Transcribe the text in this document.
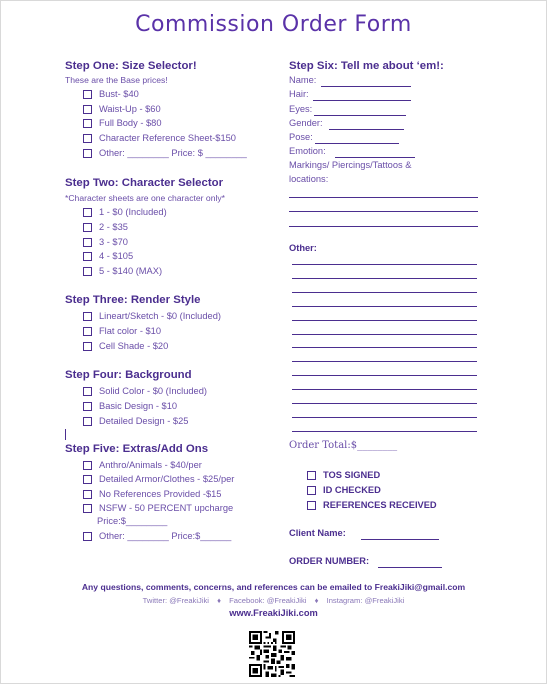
Commission Order Form
Step One: Size Selector!
These are the Base prices!
Bust- $40
Waist-Up - $60
Full Body - $80
Character Reference Sheet-$150
Other: ________ Price: $ ________
Step Two: Character Selector
*Character sheets are one character only*
1 - $0 (Included)
2 - $35
3 - $70
4 - $105
5 - $140 (MAX)
Step Three: Render Style
Lineart/Sketch - $0 (Included)
Flat color - $10
Cell Shade - $20
Step Four: Background
Solid Color - $0 (Included)
Basic Design - $10
Detailed Design - $25
Step Five: Extras/Add Ons
Anthro/Animals - $40/per
Detailed Armor/Clothes - $25/per
No References Provided -$15
NSFW - 50 PERCENT upcharge
Price:$________
Other: ________ Price:$______
Step Six: Tell me about ‘em!:
Name:
Hair:
Eyes:
Gender:
Pose:
Emotion:
Markings/ Piercings/Tattoos &
locations:
Other:
Order Total:$________
TOS SIGNED
ID CHECKED
REFERENCES RECEIVED
Client Name:
ORDER NUMBER:
Any questions, comments, concerns, and references can be emailed to FreakiJiki@gmail.com
Twitter: @FreakiJiki ♦ Facebook: @FreakiJiki ♦ Instagram: @FreakiJiki
www.FreakiJiki.com
